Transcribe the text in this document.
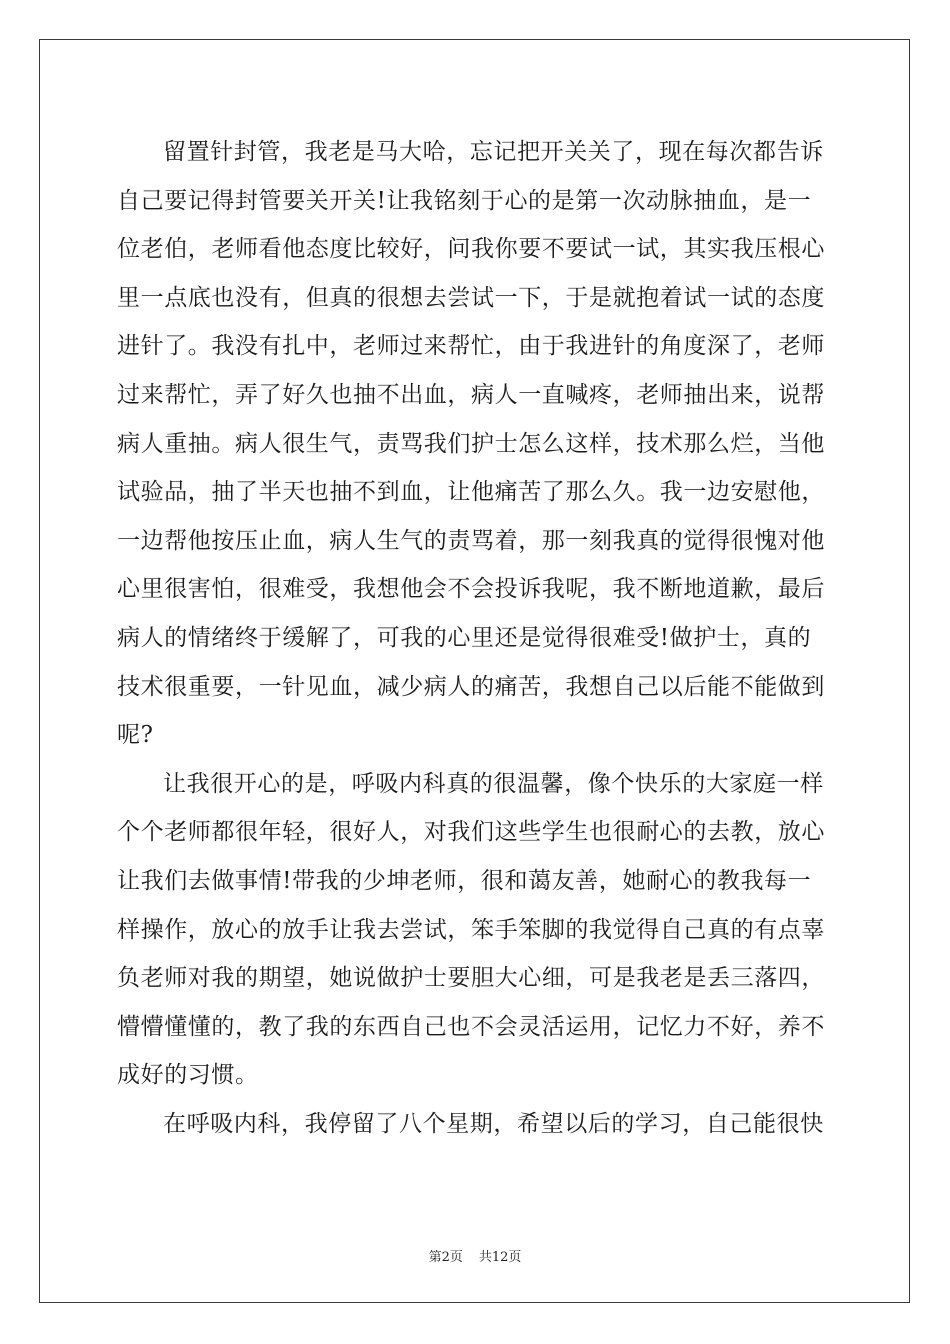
留置针封管，我老是马大哈，忘记把开关关了，现在每次都告诉
自己要记得封管要关开关!让我铭刻于心的是第一次动脉抽血，是一
位老伯，老师看他态度比较好，问我你要不要试一试，其实我压根心
里一点底也没有，但真的很想去尝试一下，于是就抱着试一试的态度
进针了。我没有扎中，老师过来帮忙，由于我进针的角度深了，老师
过来帮忙，弄了好久也抽不出血，病人一直喊疼，老师抽出来，说帮
病人重抽。病人很生气，责骂我们护士怎么这样，技术那么烂，当他
试验品，抽了半天也抽不到血，让他痛苦了那么久。我一边安慰他，
一边帮他按压止血，病人生气的责骂着，那一刻我真的觉得很愧对他
心里很害怕，很难受，我想他会不会投诉我呢，我不断地道歉，最后
病人的情绪终于缓解了，可我的心里还是觉得很难受!做护士，真的
技术很重要，一针见血，减少病人的痛苦，我想自己以后能不能做到
呢?
让我很开心的是，呼吸内科真的很温馨，像个快乐的大家庭一样
个个老师都很年轻，很好人，对我们这些学生也很耐心的去教，放心
让我们去做事情!带我的少坤老师，很和蔼友善，她耐心的教我每一
样操作，放心的放手让我去尝试，笨手笨脚的我觉得自己真的有点辜
负老师对我的期望，她说做护士要胆大心细，可是我老是丢三落四，
懵懵懂懂的，教了我的东西自己也不会灵活运用，记忆力不好，养不
成好的习惯。
在呼吸内科，我停留了八个星期，希望以后的学习，自己能很快
第2页 共12页
